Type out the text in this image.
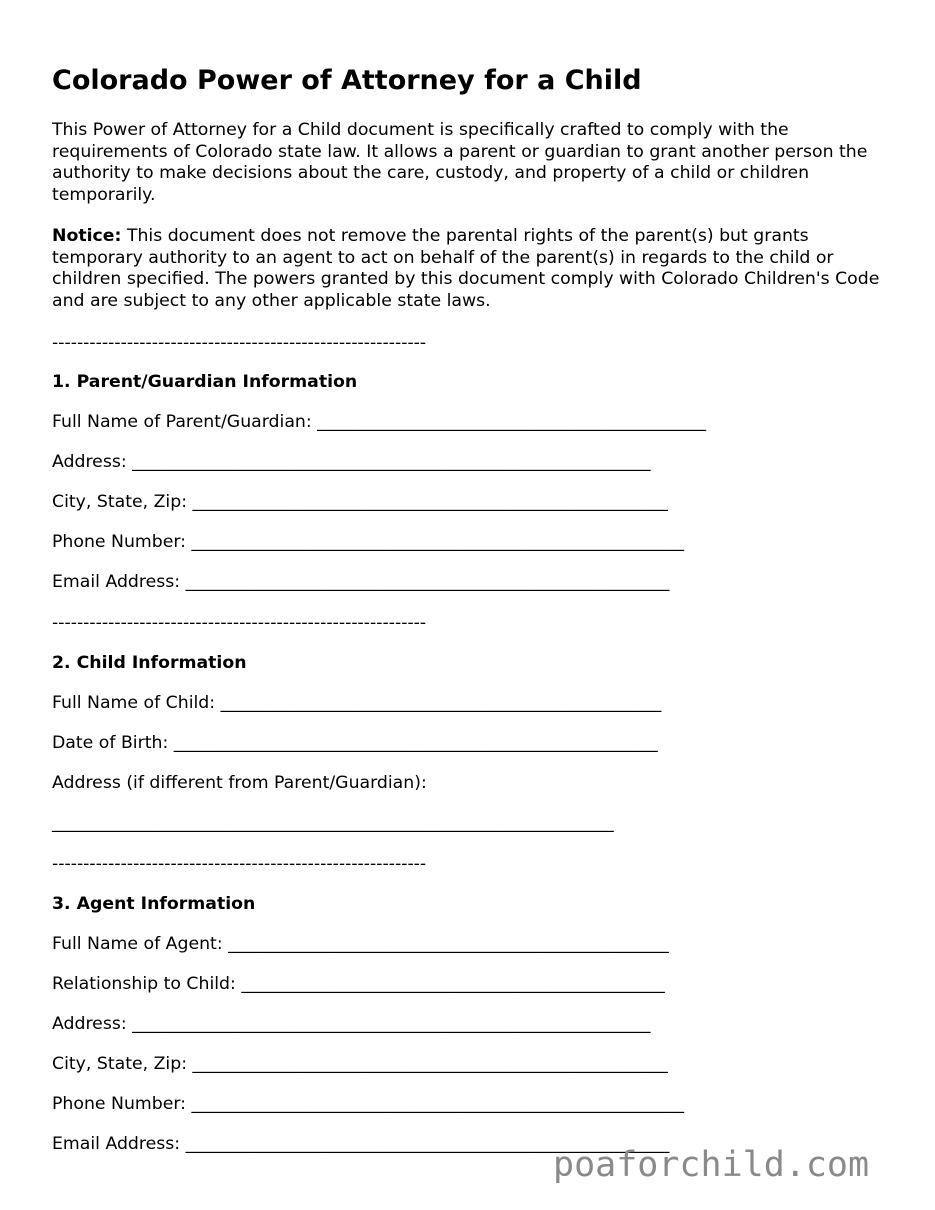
Colorado Power of Attorney for a Child

This Power of Attorney for a Child document is specifically crafted to comply with the requirements of Colorado state law. It allows a parent or guardian to grant another person the authority to make decisions about the care, custody, and property of a child or children temporarily.

Notice: This document does not remove the parental rights of the parent(s) but grants temporary authority to an agent to act on behalf of the parent(s) in regards to the child or children specified. The powers granted by this document comply with Colorado Children's Code and are subject to any other applicable state laws.

------------------------------------------------------------
1. Parent/Guardian Information
Full Name of Parent/Guardian: _____________________________________________
Address: ____________________________________________________________
City, State, Zip: _______________________________________________________
Phone Number: _________________________________________________________
Email Address: ________________________________________________________
------------------------------------------------------------
2. Child Information
Full Name of Child: ___________________________________________________
Date of Birth: ________________________________________________________
Address (if different from Parent/Guardian):
_________________________________________________________________
------------------------------------------------------------
3. Agent Information
Full Name of Agent: ___________________________________________________
Relationship to Child: _________________________________________________
Address: ____________________________________________________________
City, State, Zip: _______________________________________________________
Phone Number: _________________________________________________________
Email Address: ________________________________________________________
poaforchild.com
